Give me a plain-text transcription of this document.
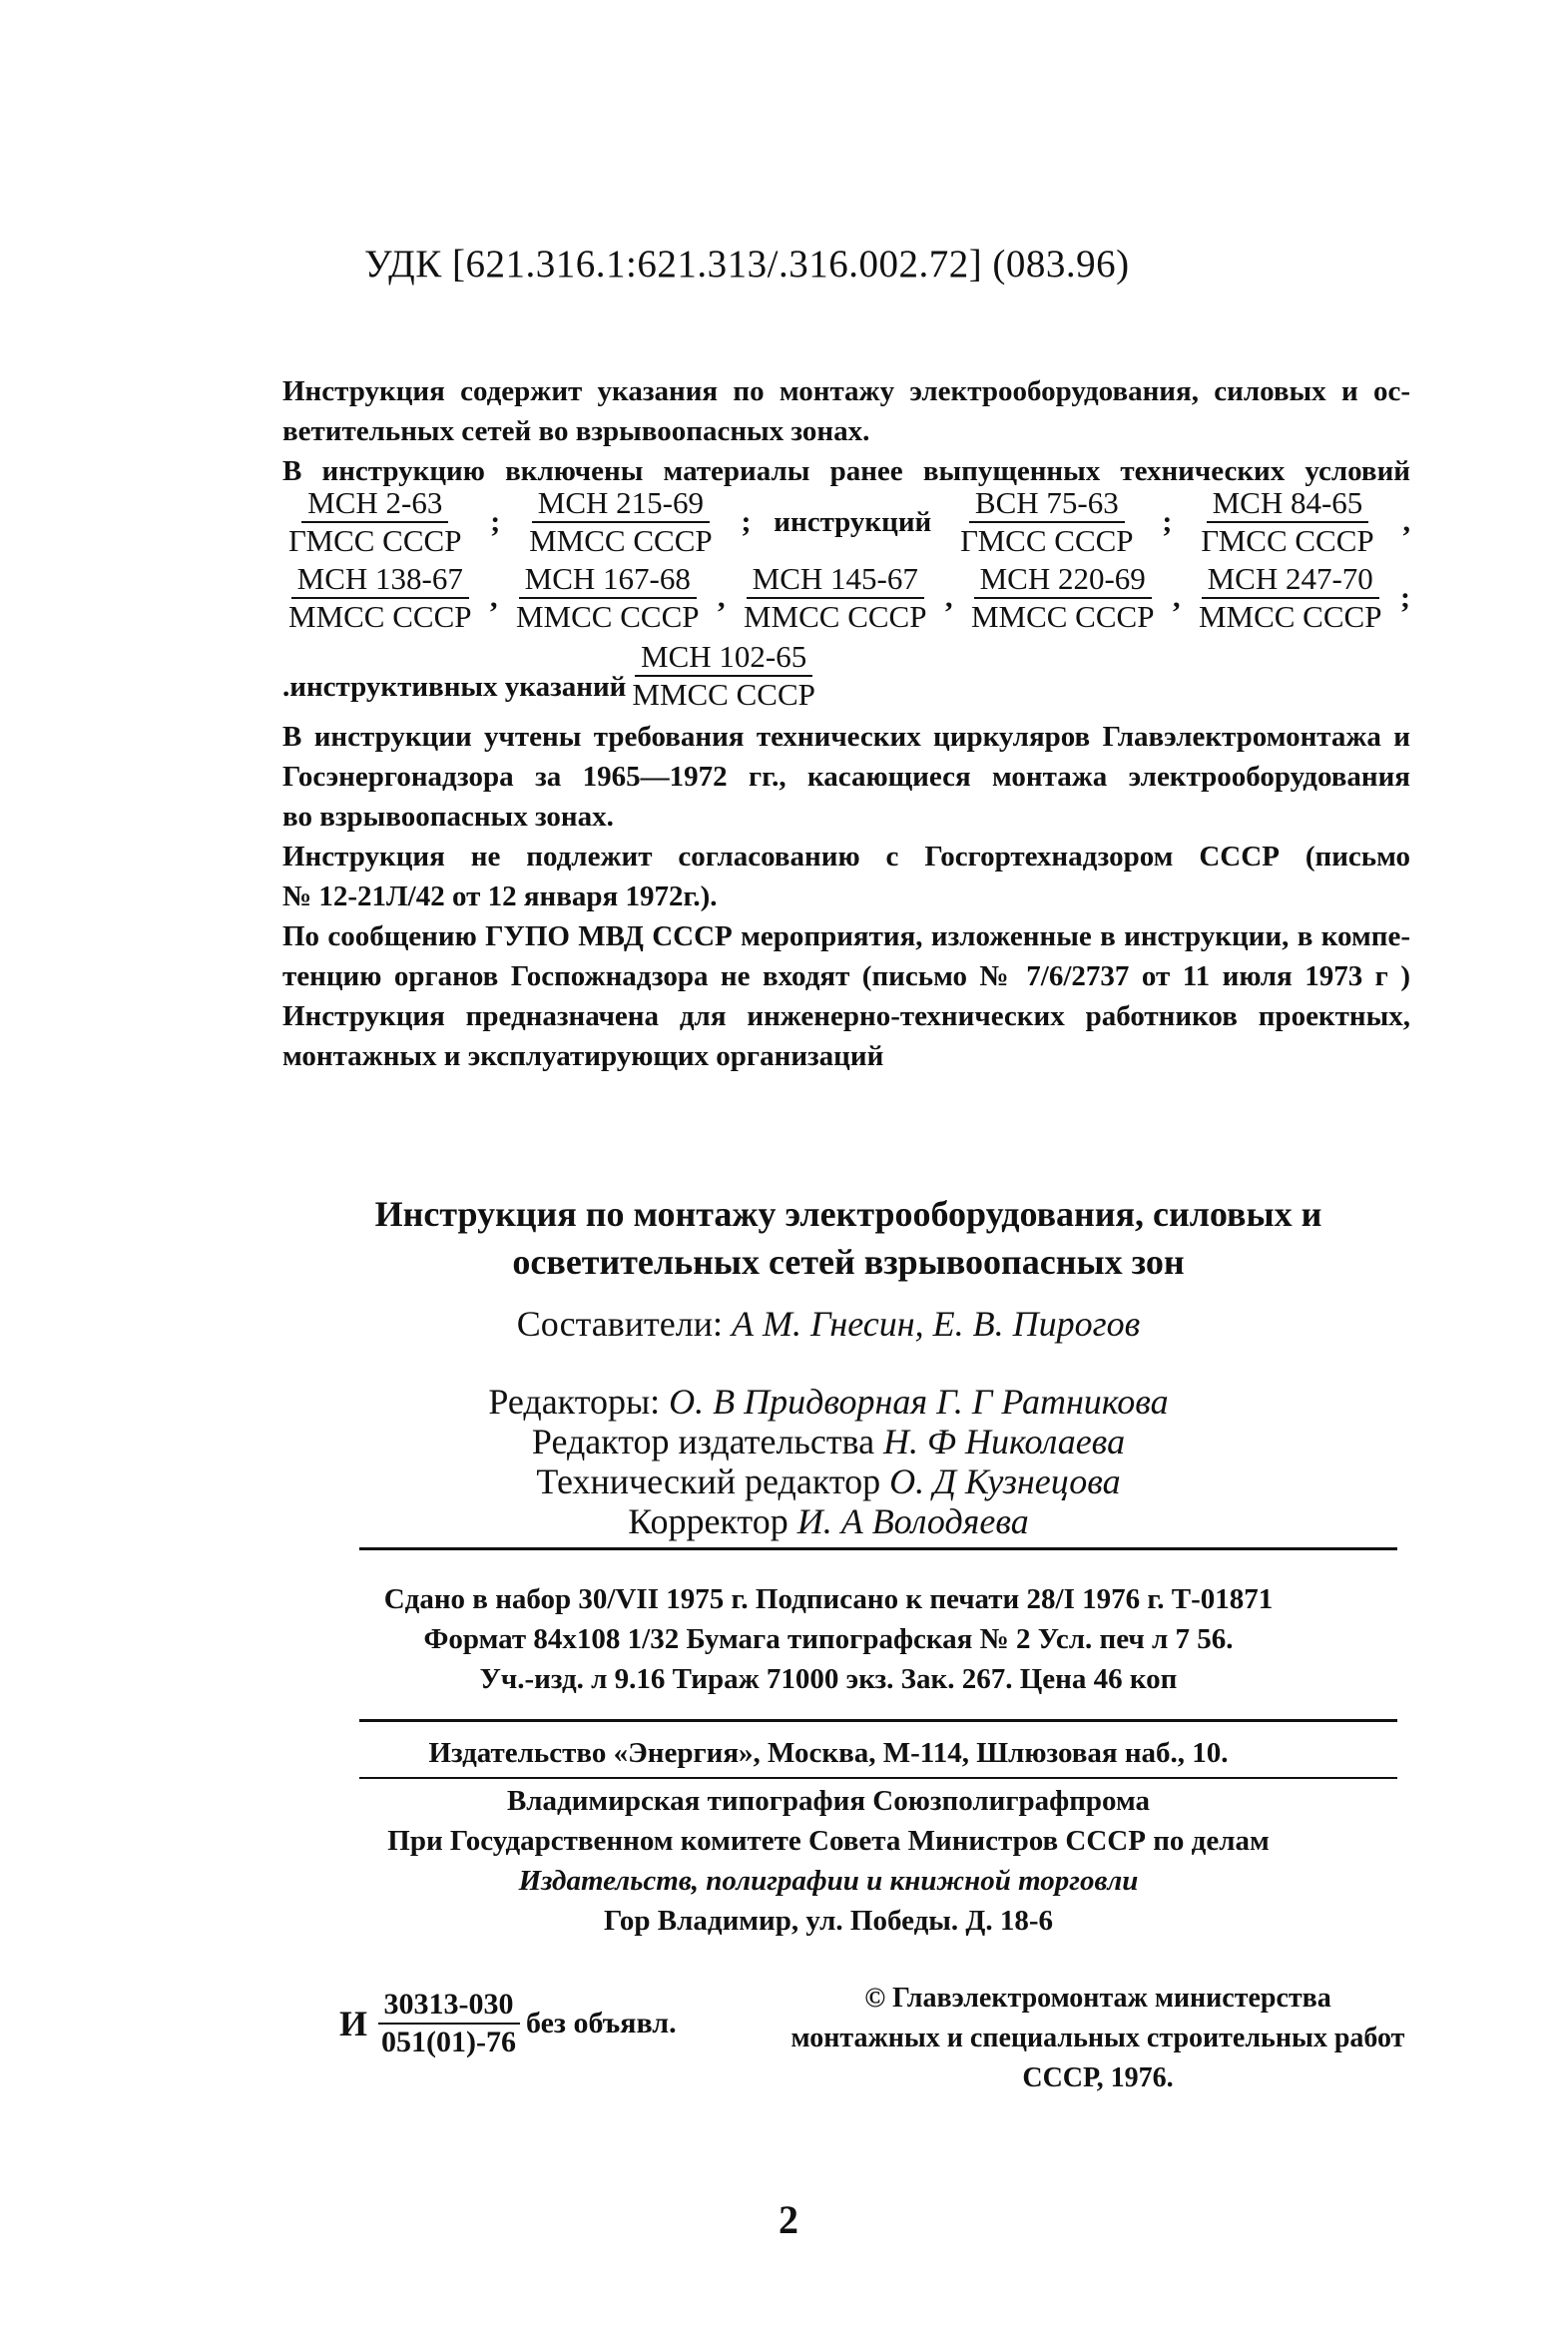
УДК [621.316.1:621.313/.316.002.72] (083.96)

Инструкция содержит указания по монтажу электрооборудования, силовых и ос-

ветительных сетей во взрывоопасных зонах.

В инструкцию включены материалы ранее выпущенных технических условий

$\frac{\text{МСН 2-63}}{\text{ГМСС СССР}}$ ; $\frac{\text{МСН 215-69}}{\text{ММСС СССР}}$ ; инструкций $\frac{\text{ВСН 75-63}}{\text{ГМСС СССР}}$ ; $\frac{\text{МСН 84-65}}{\text{ГМСС СССР}}$ ,
$\frac{\text{МСН 138-67}}{\text{ММСС СССР}}$ , $\frac{\text{МСН 167-68}}{\text{ММСС СССР}}$ , $\frac{\text{МСН 145-67}}{\text{ММСС СССР}}$ , $\frac{\text{МСН 220-69}}{\text{ММСС СССР}}$ , $\frac{\text{МСН 247-70}}{\text{ММСС СССР}}$ ;
.инструктивных указаний $\frac{\text{МСН 102-65}}{\text{ММСС СССР}}$

В инструкции учтены требования технических циркуляров Главэлектромонтажа и

Госэнергонадзора за 1965—1972 гг., касающиеся монтажа электрооборудования

во взрывоопасных зонах.

Инструкция не подлежит согласованию с Госгортехнадзором СССР (письмо

№ 12-21Л/42 от 12 января 1972г.).

По сообщению ГУПО МВД СССР мероприятия, изложенные в инструкции, в компе-

тенцию органов Госпожнадзора не входят (письмо № 7/6/2737 от 11 июля 1973 г )

Инструкция предназначена для инженерно-технических работников проектных,

монтажных и эксплуатирующих организаций

Инструкция по монтажу электрооборудования, силовых и
осветительных сетей взрывоопасных зон
Составители: А М. Гнесин, Е. В. Пирогов
Редакторы: О. В Придворная Г. Г Ратникова
Редактор издательства Н. Ф Николаева
Технический редактор О. Д Кузнецова
Корректор И. А Володяева
Сдано в набор 30/VII 1975 г. Подписано к печати 28/I 1976 г. Т-01871
Формат 84х108 1/32 Бумага типографская № 2 Усл. печ л 7 56.
Уч.-изд. л 9.16 Тираж 71000 экз. Зак. 267. Цена 46 коп
Издательство «Энергия», Москва, М-114, Шлюзовая наб., 10.
Владимирская типография Союзполиграфпрома
При Государственном комитете Совета Министров СССР по делам
Издательств, полиграфии и книжной торговли
Гор Владимир, ул. Победы. Д. 18-6
И $\frac{30313-030}{051(01)-76}$ без объявл.
© Главэлектромонтаж министерства
монтажных и специальных строительных работ
СССР, 1976.
2
